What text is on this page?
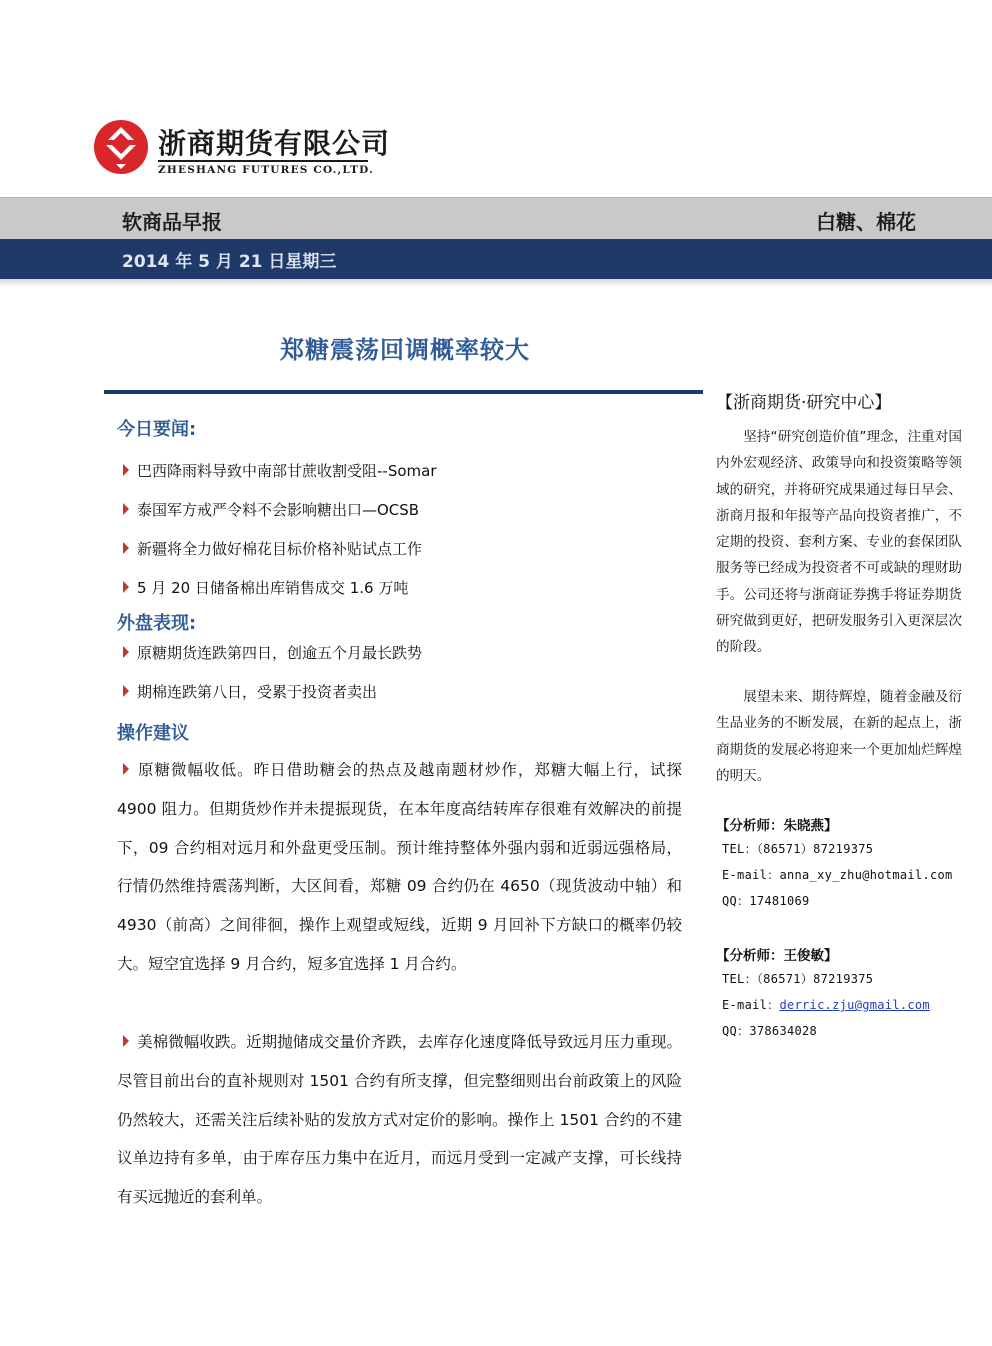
浙商期货有限公司
ZHESHANG FUTURES CO.,LTD.
软商品早报	白糖、棉花
2014 年 5 月 21 日星期三
郑糖震荡回调概率较大
今日要闻:
巴西降雨料导致中南部甘蔗收割受阻--Somar
泰国军方戒严令料不会影响糖出口—OCSB
新疆将全力做好棉花目标价格补贴试点工作
5 月 20 日储备棉出库销售成交 1.6 万吨
外盘表现:
原糖期货连跌第四日，创逾五个月最长跌势
期棉连跌第八日，受累于投资者卖出
操作建议
原糖微幅收低。昨日借助糖会的热点及越南题材炒作，郑糖大幅上行，试探 4900 阻力。但期货炒作并未提振现货，在本年度高结转库存很难有效解决的前提下，09 合约相对远月和外盘更受压制。预计维持整体外强内弱和近弱远强格局，行情仍然维持震荡判断，大区间看，郑糖 09 合约仍在 4650（现货波动中轴）和 4930（前高）之间徘徊，操作上观望或短线，近期 9 月回补下方缺口的概率仍较大。短空宜选择 9 月合约，短多宜选择 1 月合约。
美棉微幅收跌。近期抛储成交量价齐跌，去库存化速度降低导致远月压力重现。尽管目前出台的直补规则对 1501 合约有所支撑，但完整细则出台前政策上的风险仍然较大，还需关注后续补贴的发放方式对定价的影响。操作上 1501 合约的不建议单边持有多单，由于库存压力集中在近月，而远月受到一定减产支撑，可长线持有买远抛近的套利单。
【浙商期货·研究中心】
坚持“研究创造价值”理念，注重对国内外宏观经济、政策导向和投资策略等领域的研究，并将研究成果通过每日早会、浙商月报和年报等产品向投资者推广，不定期的投资、套利方案、专业的套保团队服务等已经成为投资者不可或缺的理财助手。公司还将与浙商证券携手将证券期货研究做到更好，把研发服务引入更深层次的阶段。
展望未来、期待辉煌，随着金融及衍生品业务的不断发展，在新的起点上，浙商期货的发展必将迎来一个更加灿烂辉煌的明天。
【分析师：朱晓燕】
TEL：（86571）87219375
E-mail：anna_xy_zhu@hotmail.com
QQ：17481069
【分析师：王俊敏】
TEL：（86571）87219375
E-mail：derric.zju@gmail.com
QQ：378634028
